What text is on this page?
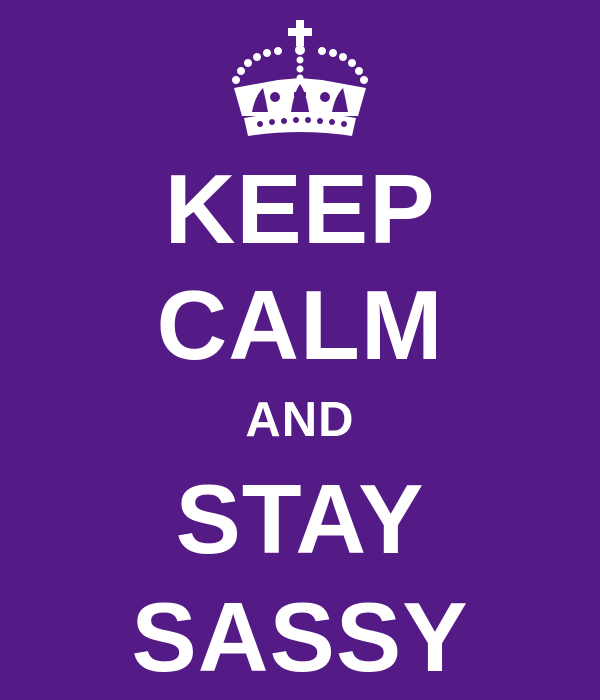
KEEP
CALM
AND
STAY
SASSY
